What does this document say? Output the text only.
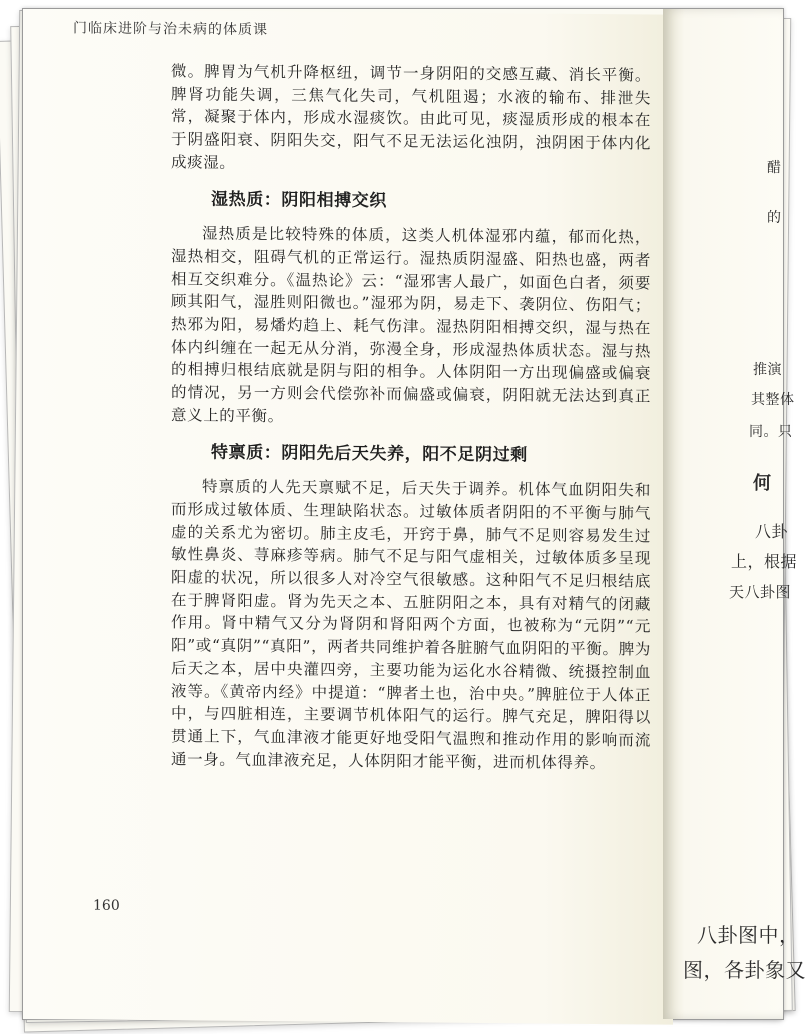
门临床进阶与治未病的体质课

微。脾胃为气机升降枢纽，调节一身阴阳的交感互藏、消长平衡。脾肾功能失调，三焦气化失司，气机阻遏；水液的输布、排泄失常，凝聚于体内，形成水湿痰饮。由此可见，痰湿质形成的根本在于阴盛阳衰、阴阳失交，阳气不足无法运化浊阴，浊阴困于体内化成痰湿。

湿热质：阴阳相搏交织

湿热质是比较特殊的体质，这类人机体湿邪内蕴，郁而化热，湿热相交，阻碍气机的正常运行。湿热质阴湿盛、阳热也盛，两者相互交织难分。《温热论》云：“湿邪害人最广，如面色白者，须要顾其阳气，湿胜则阳微也。”湿邪为阴，易走下、袭阴位、伤阳气；热邪为阳，易燔灼趋上、耗气伤津。湿热阴阳相搏交织，湿与热在体内纠缠在一起无从分消，弥漫全身，形成湿热体质状态。湿与热的相搏归根结底就是阴与阳的相争。人体阴阳一方出现偏盛或偏衰的情况，另一方则会代偿弥补而偏盛或偏衰，阴阳就无法达到真正意义上的平衡。

特禀质：阴阳先后天失养，阳不足阴过剩

特禀质的人先天禀赋不足，后天失于调养。机体气血阴阳失和而形成过敏体质、生理缺陷状态。过敏体质者阴阳的不平衡与肺气虚的关系尤为密切。肺主皮毛，开窍于鼻，肺气不足则容易发生过敏性鼻炎、荨麻疹等病。肺气不足与阳气虚相关，过敏体质多呈现阳虚的状况，所以很多人对冷空气很敏感。这种阳气不足归根结底在于脾肾阳虚。肾为先天之本、五脏阴阳之本，具有对精气的闭藏作用。肾中精气又分为肾阴和肾阳两个方面，也被称为“元阴”“元阳”或“真阴”“真阳”，两者共同维护着各脏腑气血阴阳的平衡。脾为后天之本，居中央灌四旁，主要功能为运化水谷精微、统摄控制血液等。《黄帝内经》中提道：“脾者土也，治中央。”脾脏位于人体正中，与四脏相连，主要调节机体阳气的运行。脾气充足，脾阳得以贯通上下，气血津液才能更好地受阳气温煦和推动作用的影响而流通一身。气血津液充足，人体阴阳才能平衡，进而机体得养。

160
醋
的
推演
其整体
同。只
何
八卦
上，根据
天八卦图
八卦图中，
图，各卦象又
